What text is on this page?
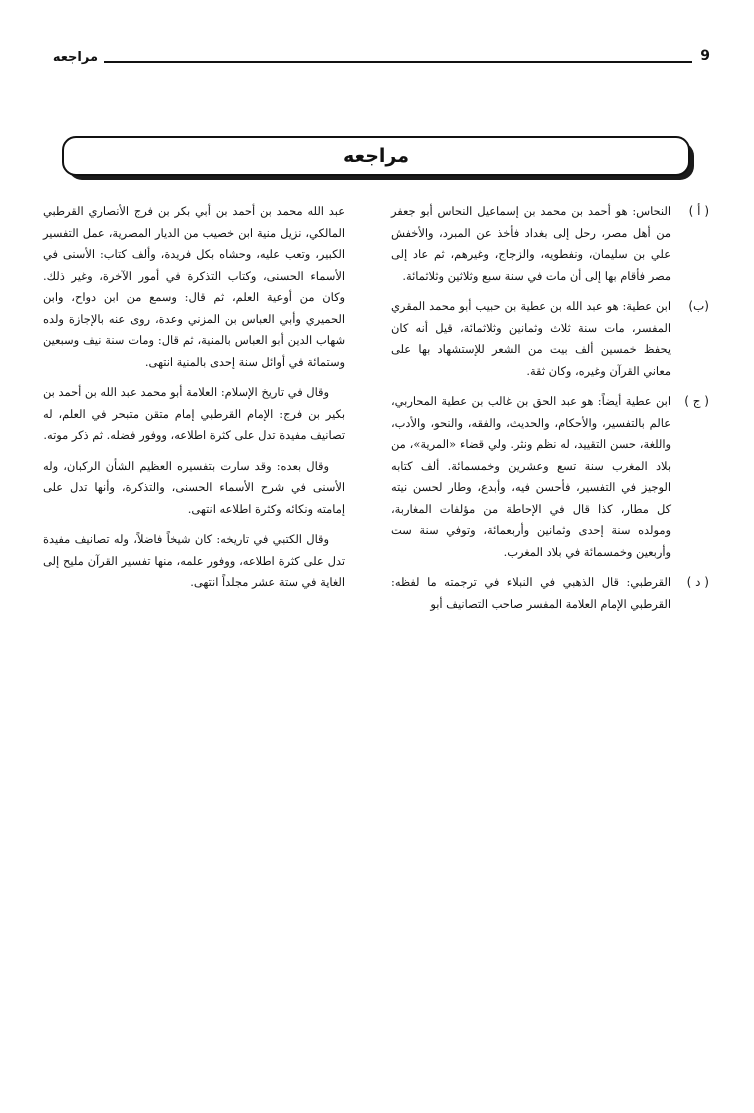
مراجعه	9
مراجعه
( أ )
النحاس: هو أحمد بن محمد بن إسماعيل النحاس أبو جعفر من أهل مصر، رحل إلى بغداد فأخذ عن المبرد، والأخفش علي بن سليمان، ونفطويه، والزجاج، وغيرهم، ثم عاد إلى مصر فأقام بها إلى أن مات في سنة سبع وثلاثين وثلاثمائة.
(ب)
ابن عطية: هو عبد الله بن عطية بن حبيب أبو محمد المقري المفسر، مات سنة ثلاث وثمانين وثلاثمائة، قيل أنه كان يحفظ خمسين ألف بيت من الشعر للإستشهاد بها على معاني القرآن وغيره، وكان ثقة.
( ج )
ابن عطية أيضاً: هو عبد الحق بن غالب بن عطية المحاربي، عالم بالتفسير، والأحكام، والحديث، والفقه، والنحو، والأدب، واللغة، حسن التقييد، له نظم ونثر. ولي قضاء «المرية»، من بلاد المغرب سنة تسع وعشرين وخمسمائة. ألف كتابه الوجيز في التفسير، فأحسن فيه، وأبدع، وطار لحسن نيته كل مطار، كذا قال في الإحاطة من مؤلفات المغاربة، ومولده سنة إحدى وثمانين وأربعمائة، وتوفي سنة ست وأربعين وخمسمائة في بلاد المغرب.
( د )
القرطبي: قال الذهبي في النبلاء في ترجمته ما لفظه: القرطبي الإمام العلامة المفسر صاحب التصانيف أبو

عبد الله محمد بن أحمد بن أبي بكر بن فرج الأنصاري القرطبي المالكي، نزيل منية ابن خصيب من الديار المصرية، عمل التفسير الكبير، وتعب عليه، وحشاه بكل فريدة، وألف كتاب: الأسنى في الأسماء الحسنى، وكتاب التذكرة في أمور الآخرة، وغير ذلك. وكان من أوعية العلم، ثم قال: وسمع من ابن دواح، وابن الحميري وأبي العباس بن المزني وعدة، روى عنه بالإجازة ولده شهاب الدين أبو العباس بالمنية، ثم قال: ومات سنة نيف وسبعين وستمائة في أوائل سنة إحدى بالمنية انتهى.

وقال في تاريخ الإسلام: العلامة أبو محمد عبد الله بن أحمد بن بكير بن فرج: الإمام القرطبي إمام متقن متبحر في العلم، له تصانيف مفيدة تدل على كثرة اطلاعه، ووفور فضله. ثم ذكر موته.

وقال بعده: وقد سارت بتفسيره العظيم الشأن الركبان، وله الأسنى في شرح الأسماء الحسنى، والتذكرة، وأنها تدل على إمامته ونكائه وكثرة اطلاعه انتهى.

وقال الكتبي في تاريخه: كان شيخاً فاضلاً، وله تصانيف مفيدة تدل على كثرة اطلاعه، ووفور علمه، منها تفسير القرآن مليح إلى الغاية في ستة عشر مجلداً انتهى.
